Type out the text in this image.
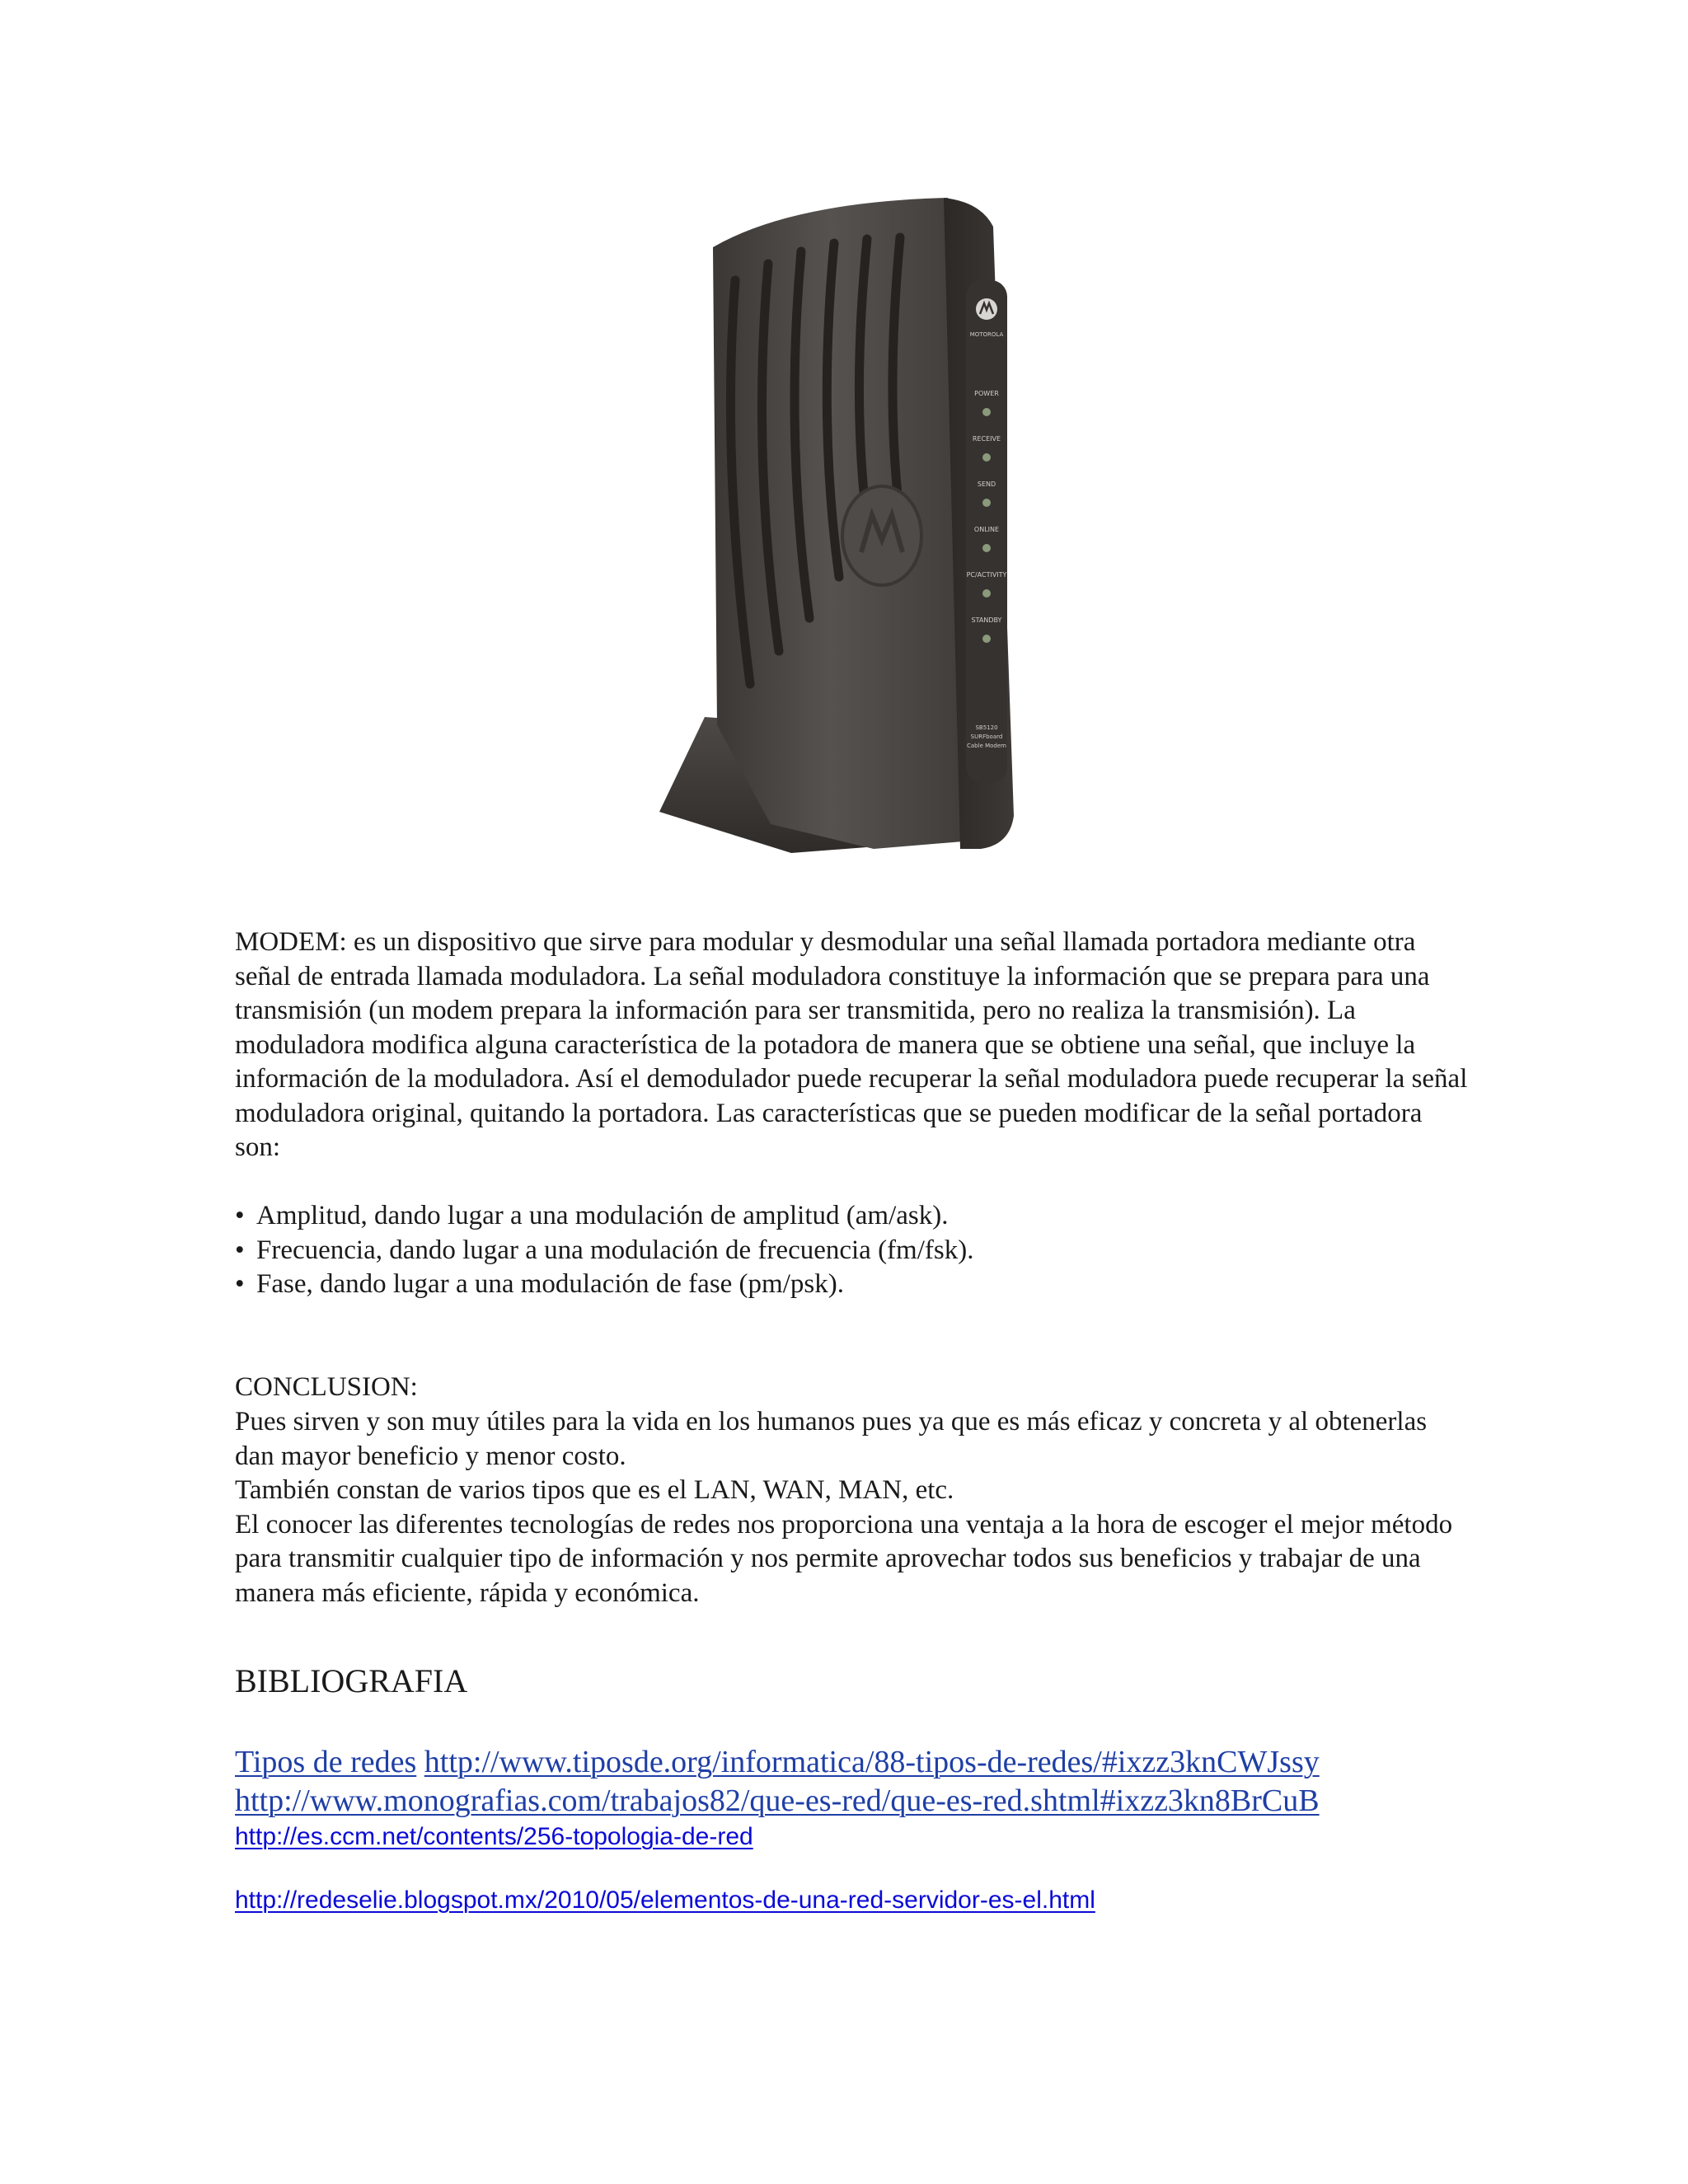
MOTOROLA
POWER
RECEIVE
SEND
ONLINE
PC/ACTIVITY
STANDBY
SB5120
SURFboard
Cable Modem

MODEM: es un dispositivo que sirve para modular y desmodular una señal llamada portadora mediante otra señal de entrada llamada moduladora. La señal moduladora constituye la información que se prepara para una transmisión (un modem prepara la información para ser transmitida, pero no realiza la transmisión). La moduladora modifica alguna característica de la potadora de manera que se obtiene una señal, que incluye la información de la moduladora. Así el demodulador puede recuperar la señal moduladora puede recuperar la señal moduladora original, quitando la portadora. Las características que se pueden modificar de la señal portadora son:

• Amplitud, dando lugar a una modulación de amplitud (am/ask).
• Frecuencia, dando lugar a una modulación de frecuencia (fm/fsk).
• Fase, dando lugar a una modulación de fase (pm/psk).

CONCLUSION:

Pues sirven y son muy útiles para la vida en los humanos pues ya que es más eficaz y concreta y al obtenerlas dan mayor beneficio y menor costo.

También constan de varios tipos que es el LAN, WAN, MAN, etc.

El conocer las diferentes tecnologías de redes nos proporciona una ventaja a la hora de escoger el mejor método para transmitir cualquier tipo de información y nos permite aprovechar todos sus beneficios y trabajar de una manera más eficiente, rápida y económica.

BIBLIOGRAFIA

Tipos de redes http://www.tiposde.org/informatica/88-tipos-de-redes/#ixzz3knCWJssy

http://www.monografias.com/trabajos82/que-es-red/que-es-red.shtml#ixzz3kn8BrCuB

http://es.ccm.net/contents/256-topologia-de-red

http://redeselie.blogspot.mx/2010/05/elementos-de-una-red-servidor-es-el.html
